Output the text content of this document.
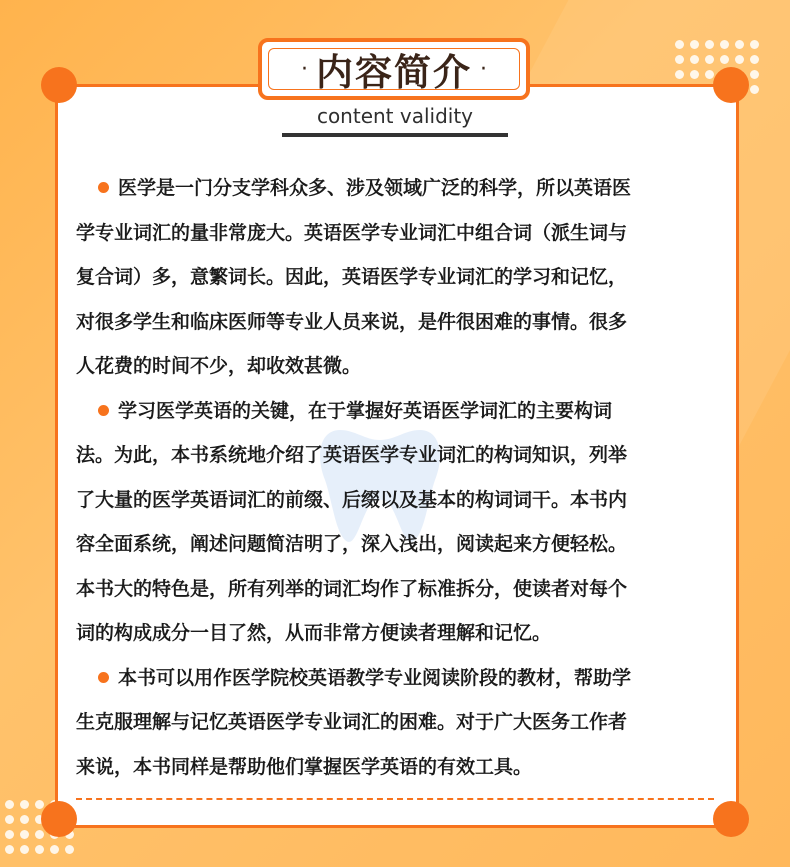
· 内容简介 ·
content validity

医学是一门分支学科众多、涉及领域广泛的科学，所以英语医

学专业词汇的量非常庞大。英语医学专业词汇中组合词（派生词与

复合词）多，意繁词长。因此，英语医学专业词汇的学习和记忆，

对很多学生和临床医师等专业人员来说，是件很困难的事情。很多

人花费的时间不少，却收效甚微。

学习医学英语的关键，在于掌握好英语医学词汇的主要构词

法。为此，本书系统地介绍了英语医学专业词汇的构词知识，列举

了大量的医学英语词汇的前缀、后缀以及基本的构词词干。本书内

容全面系统，阐述问题简洁明了，深入浅出，阅读起来方便轻松。

本书大的特色是，所有列举的词汇均作了标准拆分，使读者对每个

词的构成成分一目了然，从而非常方便读者理解和记忆。

本书可以用作医学院校英语教学专业阅读阶段的教材，帮助学

生克服理解与记忆英语医学专业词汇的困难。对于广大医务工作者

来说，本书同样是帮助他们掌握医学英语的有效工具。
